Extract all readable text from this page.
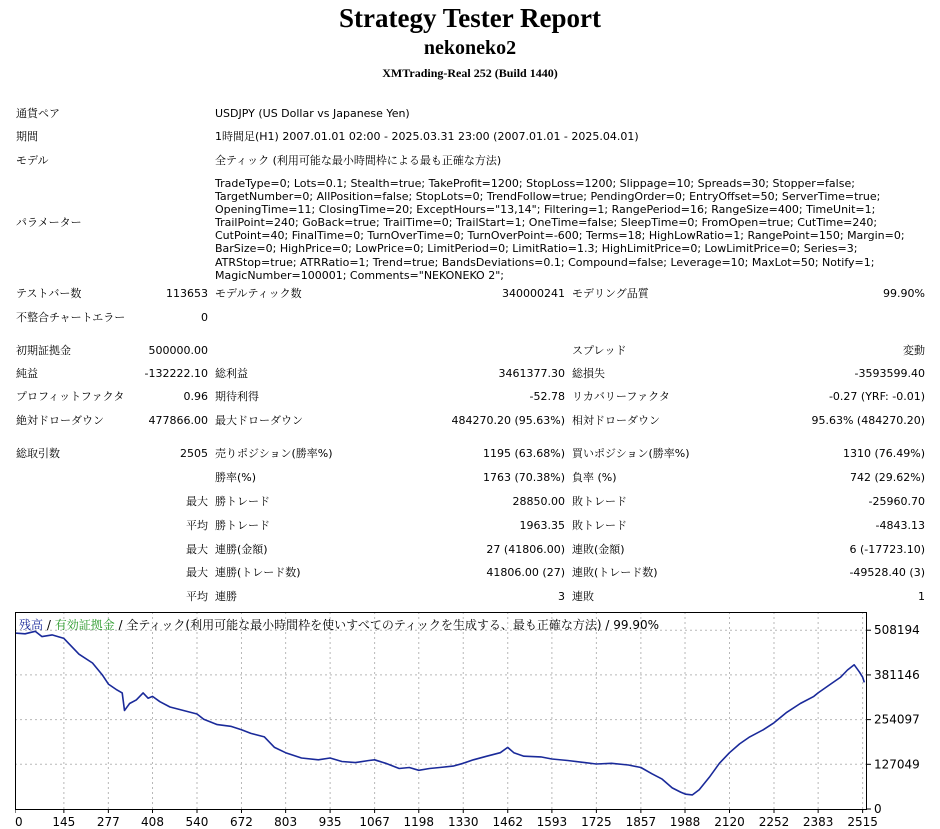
Strategy Tester Report
nekoneko2
XMTrading-Real 252 (Build 1440)
通貨ペア	USDJPY (US Dollar vs Japanese Yen)
期間	1時間足(H1) 2007.01.01 02:00 - 2025.03.31 23:00 (2007.01.01 - 2025.04.01)
モデル	全ティック (利用可能な最小時間枠による最も正確な方法)
パラメーター
TradeType=0; Lots=0.1; Stealth=true; TakeProfit=1200; StopLoss=1200; Slippage=10; Spreads=30; Stopper=false; TargetNumber=0; AllPosition=false; StopLots=0; TrendFollow=true; PendingOrder=0; EntryOffset=50; ServerTime=true; OpeningTime=11; ClosingTime=20; ExceptHours="13,14"; Filtering=1; RangePeriod=16; RangeSize=400; TimeUnit=1; TrailPoint=240; GoBack=true; TrailTime=0; TrailStart=1; OneTime=false; SleepTime=0; FromOpen=true; CutTime=240; CutPoint=40; FinalTime=0; TurnOverTime=0; TurnOverPoint=-600; Terms=18; HighLowRatio=1; RangePoint=150; Margin=0; BarSize=0; HighPrice=0; LowPrice=0; LimitPeriod=0; LimitRatio=1.3; HighLimitPrice=0; LowLimitPrice=0; Series=3; ATRStop=true; ATRRatio=1; Trend=true; BandsDeviations=0.1; Compound=false; Leverage=10; MaxLot=50; Notify=1; MagicNumber=100001; Comments="NEKONEKO 2";
テストバー数	113653 モデルティック数	340000241 モデリング品質	99.90%
不整合チャートエラー	0
初期証拠金	500000.00	スプレッド	変動
純益	-132222.10 総利益	3461377.30 総損失	-3593599.40
プロフィットファクタ	0.96 期待利得	-52.78 リカバリーファクタ	-0.27 (YRF: -0.01)
絶対ドローダウン	477866.00 最大ドローダウン	484270.20 (95.63%) 相対ドローダウン	95.63% (484270.20)
総取引数	2505 売りポジション(勝率%)	1195 (63.68%) 買いポジション(勝率%)	1310 (76.49%)
勝率(%)	1763 (70.38%) 負率 (%)	742 (29.62%)
最大 勝トレード	28850.00 敗トレード	-25960.70
平均 勝トレード	1963.35 敗トレード	-4843.13
最大 連勝(金額)	27 (41806.00) 連敗(金額)	6 (-17723.10)
最大 連勝(トレード数)	41806.00 (27) 連敗(トレード数)	-49528.40 (3)
平均 連勝	3 連敗	1
508194
381146
254097
127049
0
0 145 277 408 540 672 803 935 1067 1198 1330 1462 1593 1725 1857 1988 2120 2252 2383 2515
残高 / 有効証拠金 / 全ティック(利用可能な最小時間枠を使いすべてのティックを生成する、最も正確な方法) / 99.90%
